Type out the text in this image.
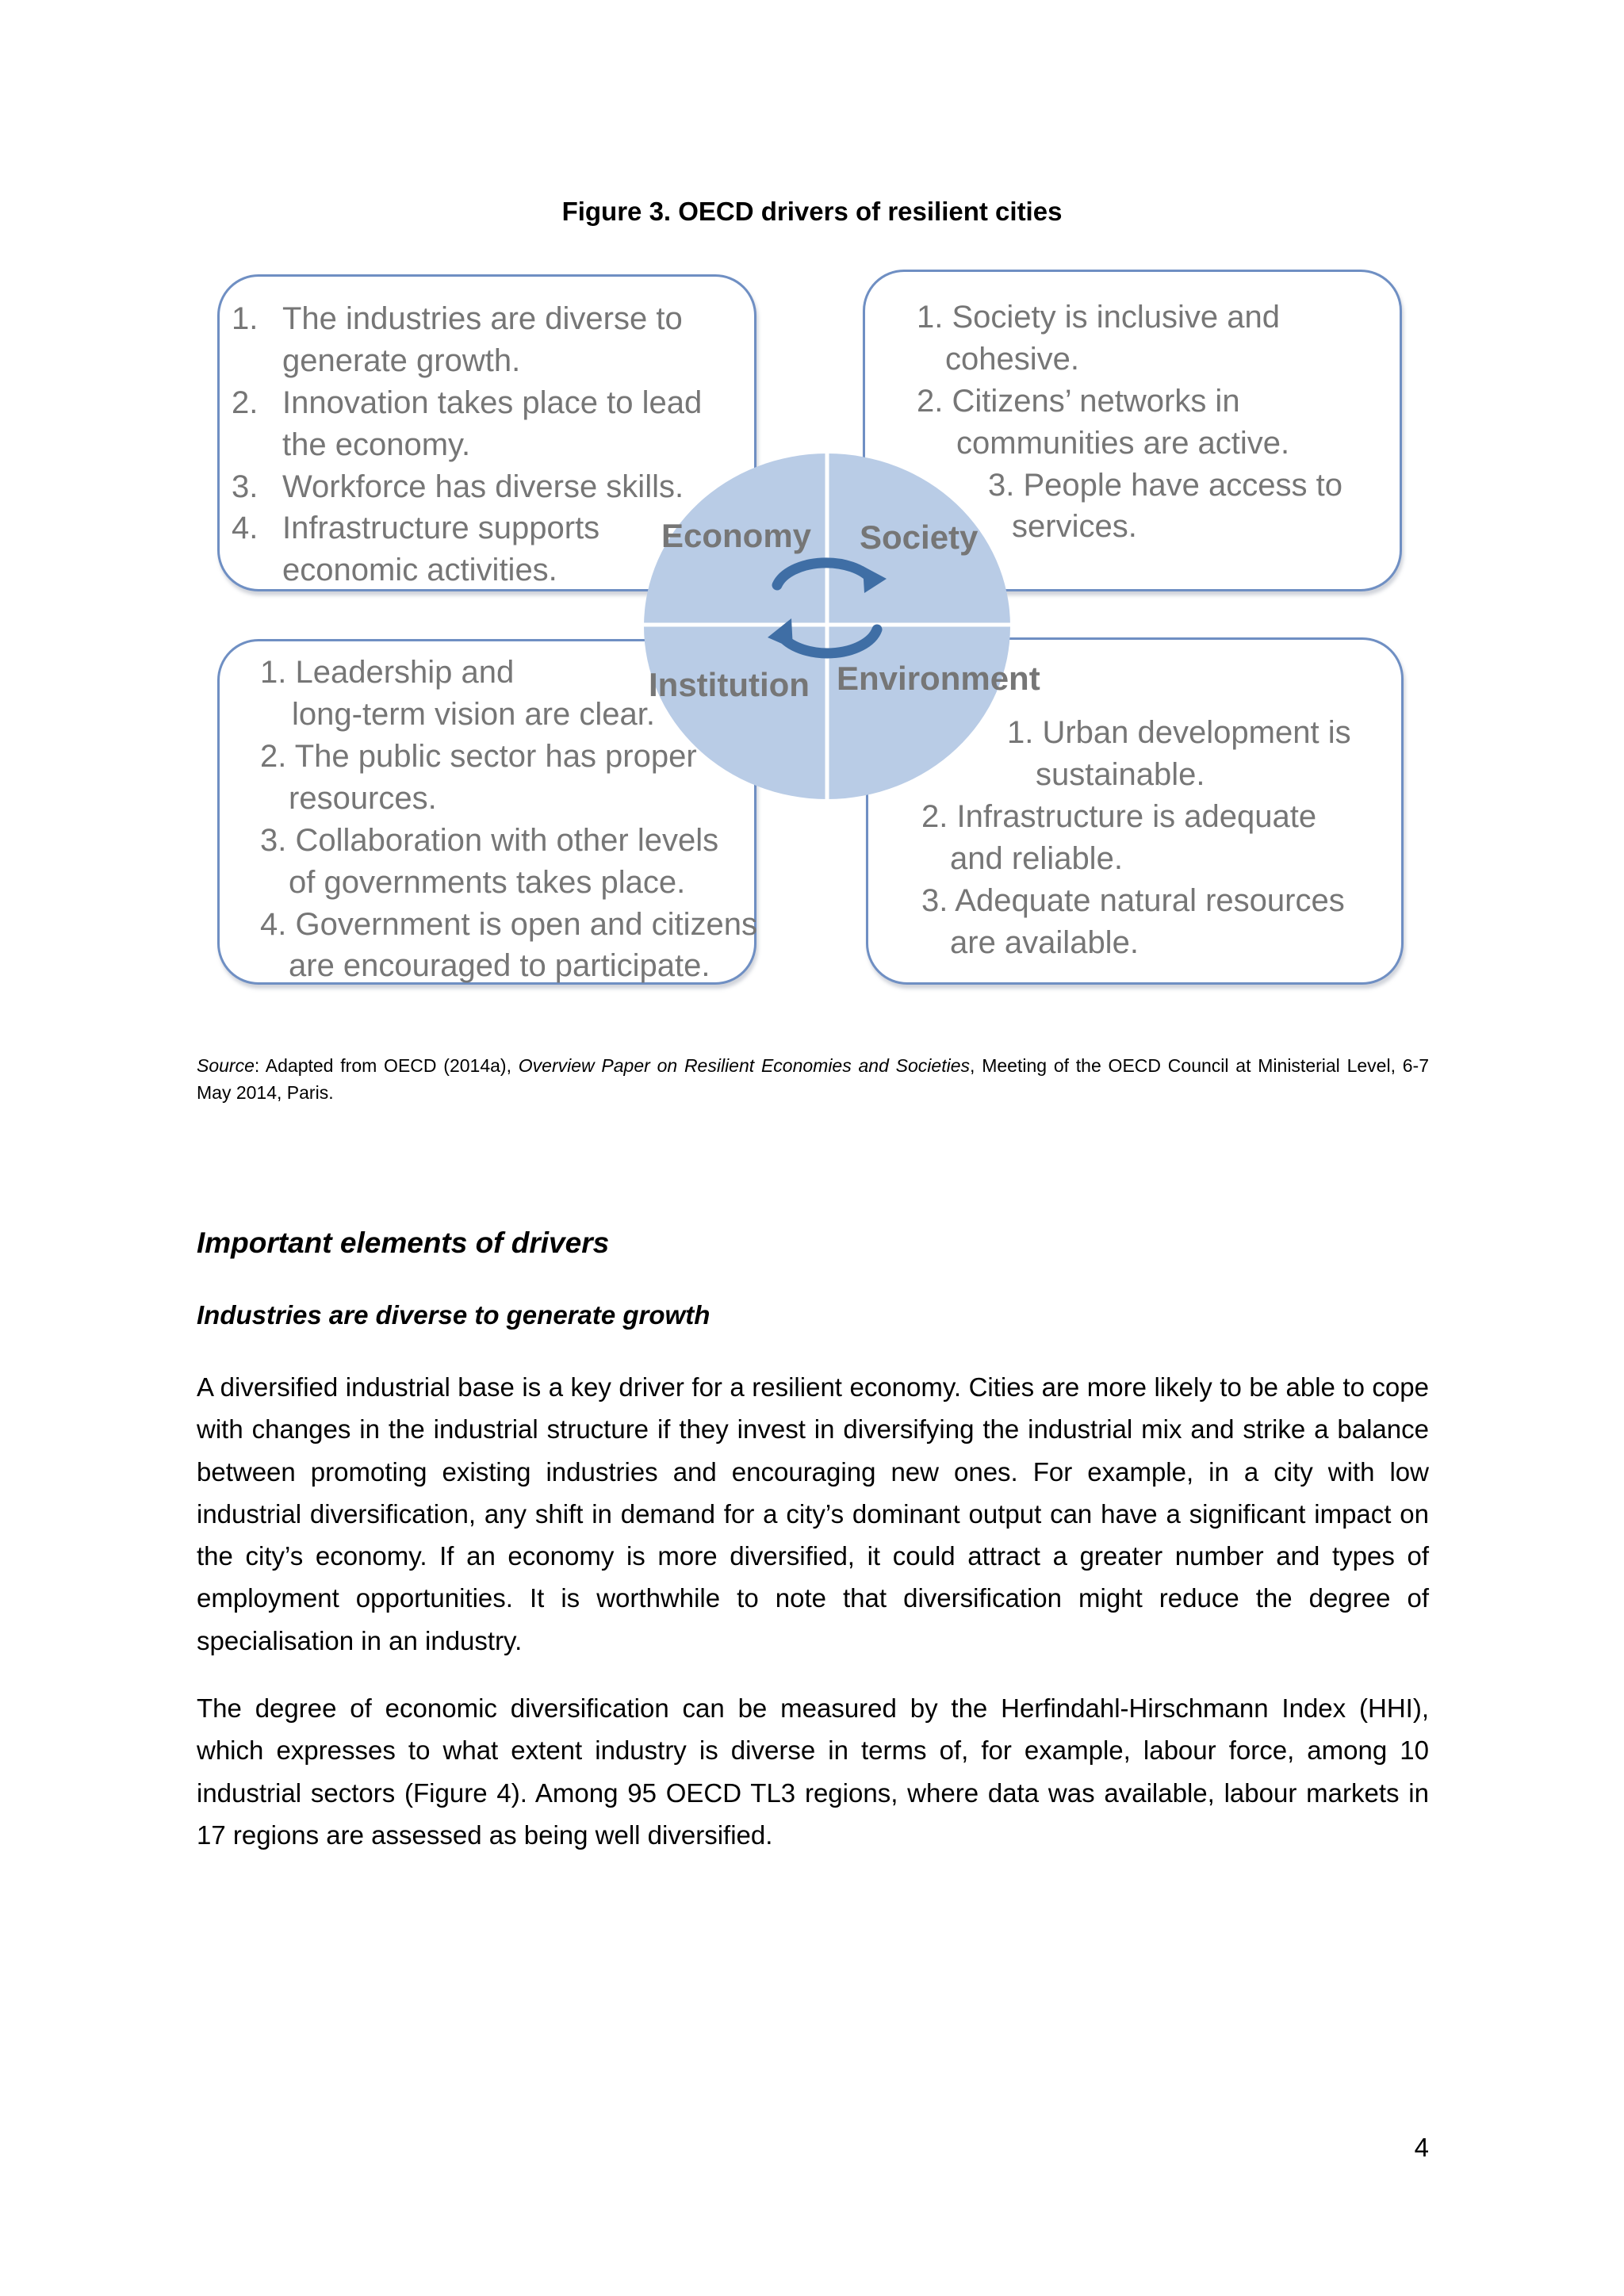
Figure 3. OECD drivers of resilient cities
Economy Society
Institution Environment
1. The industries are diverse to
generate growth.
2. Innovation takes place to lead
the economy.
3. Workforce has diverse skills.
4. Infrastructure supports
economic activities.
1. Society is inclusive and
cohesive.
2. Citizens’ networks in
communities are active.
3. People have access to
services.
1. Leadership and
long-term vision are clear.
2. The public sector has proper
resources.
3. Collaboration with other levels
of governments takes place.
4. Government is open and citizens
are encouraged to participate.
1. Urban development is
sustainable.
2. Infrastructure is adequate
and reliable.
3. Adequate natural resources
are available.
Source: Adapted from OECD (2014a), Overview Paper on Resilient Economies and Societies, Meeting of the OECD Council at Ministerial Level, 6-7 May 2014, Paris.
Important elements of drivers
Industries are diverse to generate growth
A diversified industrial base is a key driver for a resilient economy. Cities are more likely to be able to cope with changes in the industrial structure if they invest in diversifying the industrial mix and strike a balance between promoting existing industries and encouraging new ones. For example, in a city with low industrial diversification, any shift in demand for a city’s dominant output can have a significant impact on the city’s economy. If an economy is more diversified, it could attract a greater number and types of employment opportunities. It is worthwhile to note that diversification might reduce the degree of specialisation in an industry.
The degree of economic diversification can be measured by the Herfindahl-Hirschmann Index (HHI), which expresses to what extent industry is diverse in terms of, for example, labour force, among 10 industrial sectors (Figure 4). Among 95 OECD TL3 regions, where data was available, labour markets in 17 regions are assessed as being well diversified.
4
